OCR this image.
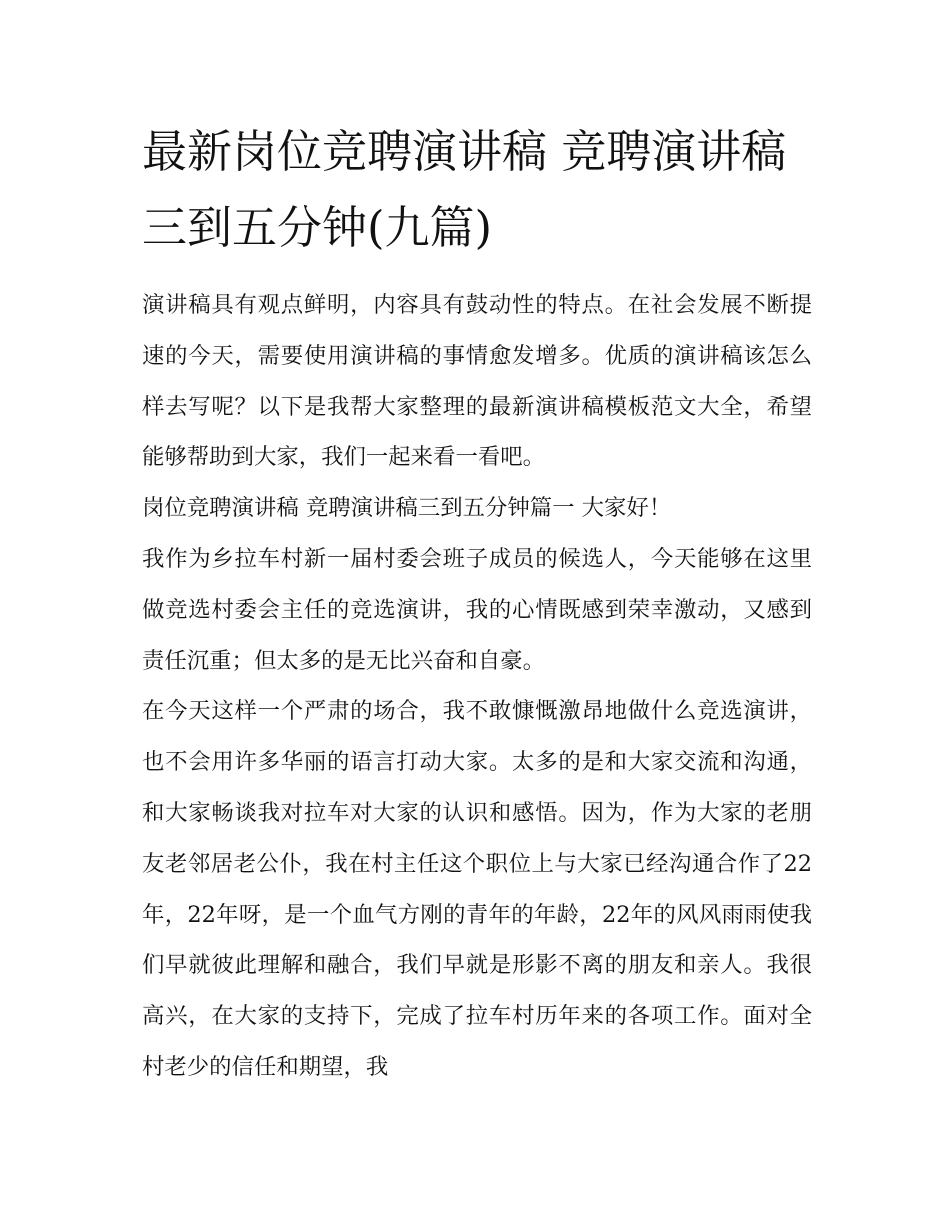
最新岗位竞聘演讲稿 竞聘演讲稿三到五分钟(九篇)

演讲稿具有观点鲜明，内容具有鼓动性的特点。在社会发展不断提速的今天，需要使用演讲稿的事情愈发增多。优质的演讲稿该怎么样去写呢？以下是我帮大家整理的最新演讲稿模板范文大全，希望能够帮助到大家，我们一起来看一看吧。

岗位竞聘演讲稿 竞聘演讲稿三到五分钟篇一 大家好！

我作为乡拉车村新一届村委会班子成员的候选人，今天能够在这里做竞选村委会主任的竞选演讲，我的心情既感到荣幸激动，又感到责任沉重；但太多的是无比兴奋和自豪。

在今天这样一个严肃的场合，我不敢慷慨激昂地做什么竞选演讲，也不会用许多华丽的语言打动大家。太多的是和大家交流和沟通，和大家畅谈我对拉车对大家的认识和感悟。因为，作为大家的老朋友老邻居老公仆，我在村主任这个职位上与大家已经沟通合作了22年，22年呀，是一个血气方刚的青年的年龄，22年的风风雨雨使我们早就彼此理解和融合，我们早就是形影不离的朋友和亲人。我很高兴，在大家的支持下，完成了拉车村历年来的各项工作。面对全村老少的信任和期望，我
